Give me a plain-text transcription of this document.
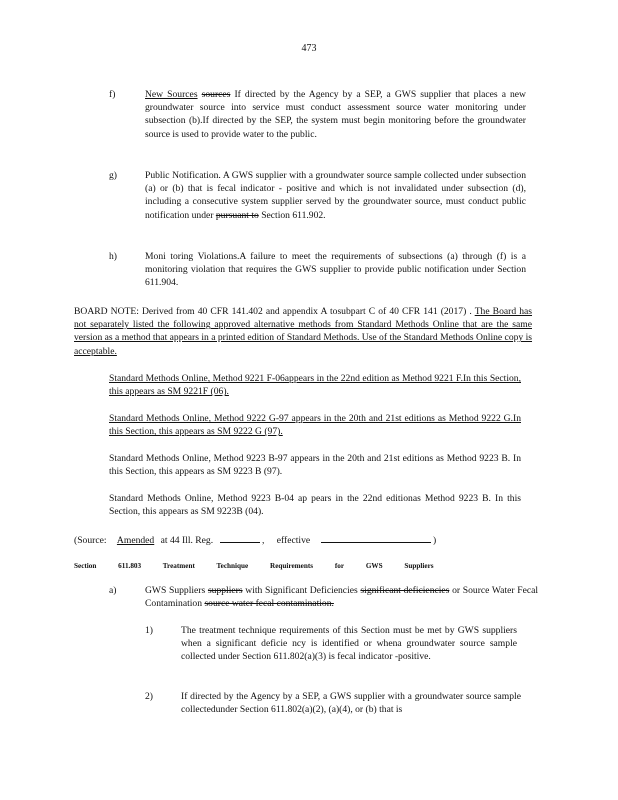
473
f)	New Sources sources If directed by the Agency by a SEP, a GWS supplier that places a new groundwater source into service must conduct assessment source water monitoring under subsection (b).If directed by the SEP, the system must begin monitoring before the groundwater source is used to provide water to the public.
g)	Public Notification. A GWS supplier with a groundwater source sample collected under subsection (a) or (b) that is fecal indicator - positive and which is not invalidated under subsection (d), including a consecutive system supplier served by the groundwater source, must conduct public notification under pursuant to Section 611.902.
h)	Moni toring Violations.A failure to meet the requirements of subsections (a) through (f) is a monitoring violation that requires the GWS supplier to provide public notification under Section 611.904.
BOARD NOTE: Derived from 40 CFR 141.402 and appendix A tosubpart C of 40 CFR 141 (2017) . The Board has not separately listed the following approved alternative methods from Standard Methods Online that are the same version as a method that appears in a printed edition of Standard Methods. Use of the Standard Methods Online copy is acceptable.
Standard Methods Online, Method 9221 F-06appears in the 22nd edition as Method 9221 F.In this Section, this appears as SM 9221F (06).
Standard Methods Online, Method 9222 G-97 appears in the 20th and 21st editions as Method 9222 G.In this Section, this appears as SM 9222 G (97).
Standard Methods Online, Method 9223 B-97 appears in the 20th and 21st editions as Method 9223 B. In this Section, this appears as SM 9223 B (97).
Standard Methods Online, Method 9223 B-04 ap pears in the 22nd editionas Method 9223 B. In this Section, this appears as SM 9223B (04).
(Source: Amended at 44 Ill. Reg.	, effective	)
Section	611.803	Treatment	Technique	Requirements	for	GWS	Suppliers
a)	GWS Suppliers suppliers with Significant Deficiencies significant deficiencies or Source Water Fecal Contamination source water fecal contamination.
1)	The treatment technique requirements of this Section must be met by GWS suppliers when a significant deficie ncy is identified or whena groundwater source sample collected under Section 611.802(a)(3) is fecal indicator -positive.
2)	If directed by the Agency by a SEP, a GWS supplier with a groundwater source sample collectedunder Section 611.802(a)(2), (a)(4), or (b) that is
